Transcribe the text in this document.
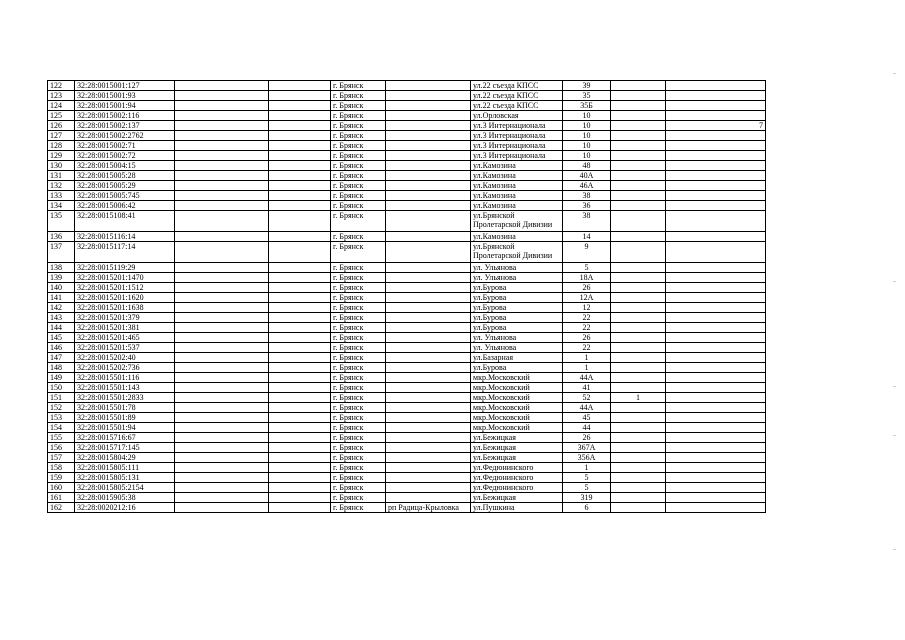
122	32:28:0015001:127			г. Брянск		ул.22 съезда КПСС	39		
123	32:28:0015001:93			г. Брянск		ул.22 съезда КПСС	35		
124	32:28:0015001:94			г. Брянск		ул.22 съезда КПСС	35Б		
125	32:28:0015002:116			г. Брянск		ул.Орловская	10		
126	32:28:0015002:137			г. Брянск		ул.3 Интернационала	10		7
127	32:28:0015002:2762			г. Брянск		ул.3 Интернационала	10		
128	32:28:0015002:71			г. Брянск		ул.3 Интернационала	10		
129	32:28:0015002:72			г. Брянск		ул.3 Интернационала	10		
130	32:28:0015004:15			г. Брянск		ул.Камозина	48		
131	32:28:0015005:28			г. Брянск		ул.Камозина	40А		
132	32:28:0015005:29			г. Брянск		ул.Камозина	46А		
133	32:28:0015005:745			г. Брянск		ул.Камозина	38		
134	32:28:0015006:42			г. Брянск		ул.Камозина	36		
135	32:28:0015108:41			г. Брянск		ул.Брянской Пролетарской Дивизии	38		
136	32:28:0015116:14			г. Брянск		ул.Камозина	14		
137	32:28:0015117:14			г. Брянск		ул.Брянской Пролетарской Дивизии	9		
138	32:28:0015119:29			г. Брянск		ул. Ульянова	5		
139	32:28:0015201:1470			г. Брянск		ул. Ульянова	18А		
140	32:28:0015201:1512			г. Брянск		ул.Бурова	26		
141	32:28:0015201:1620			г. Брянск		ул.Бурова	12А		
142	32:28:0015201:1638			г. Брянск		ул.Бурова	12		
143	32:28:0015201:379			г. Брянск		ул.Бурова	22		
144	32:28:0015201:381			г. Брянск		ул.Бурова	22		
145	32:28:0015201:465			г. Брянск		ул. Ульянова	26		
146	32:28:0015201:537			г. Брянск		ул. Ульянова	22		
147	32:28:0015202:40			г. Брянск		ул.Базарная	1		
148	32:28:0015202:736			г. Брянск		ул.Бурова	1		
149	32:28:0015501:116			г. Брянск		мкр.Московский	44А		
150	32:28:0015501:143			г. Брянск		мкр.Московский	41		
151	32:28:0015501:2833			г. Брянск		мкр.Московский	52	1	
152	32:28:0015501:78			г. Брянск		мкр.Московский	44А		
153	32:28:0015501:89			г. Брянск		мкр.Московский	45		
154	32:28:0015501:94			г. Брянск		мкр.Московский	44		
155	32:28:0015716:67			г. Брянск		ул.Бежицкая	26		
156	32:28:0015717:145			г. Брянск		ул.Бежицкая	367А		
157	32:28:0015804:29			г. Брянск		ул.Бежицкая	356А		
158	32:28:0015805:111			г. Брянск		ул.Федюнинского	1		
159	32:28:0015805:131			г. Брянск		ул.Федюнинского	5		
160	32:28:0015805:2154			г. Брянск		ул.Федюнинского	5		
161	32:28:0015905:38			г. Брянск		ул.Бежицкая	319		
162	32:28:0020212:16			г. Брянск	рп Радица-Крыловка	ул.Пушкина	6		
